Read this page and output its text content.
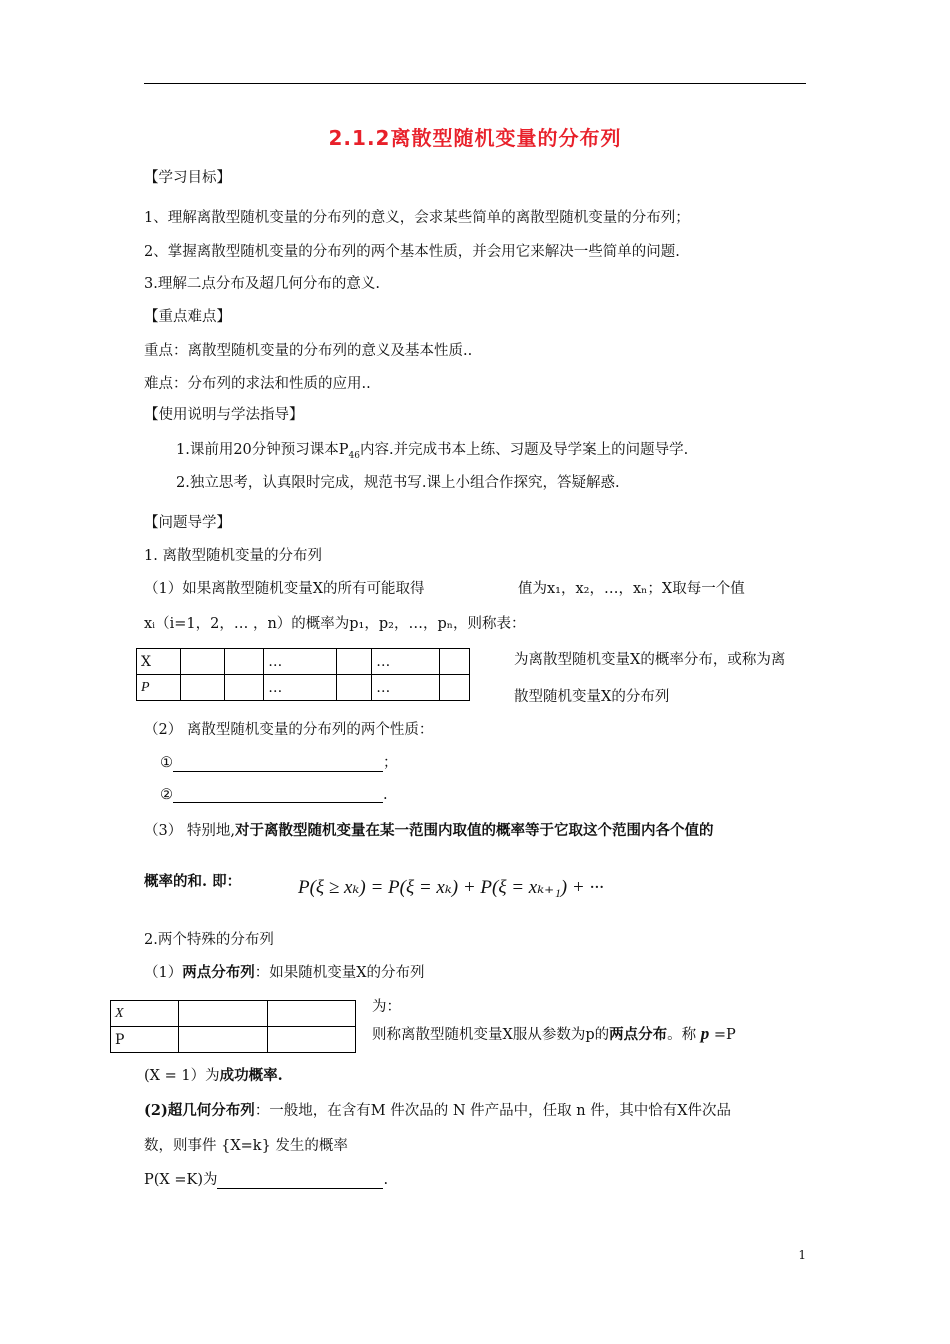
2.1.2离散型随机变量的分布列
【学习目标】
1、理解离散型随机变量的分布列的意义，会求某些简单的离散型随机变量的分布列；
2、掌握离散型随机变量的分布列的两个基本性质，并会用它来解决一些简单的问题.
3.理解二点分布及超几何分布的意义.
【重点难点】
重点：离散型随机变量的分布列的意义及基本性质..
难点：分布列的求法和性质的应用..
【使用说明与学法指导】
1.课前用20分钟预习课本$P_{46}$内容.并完成书本上练、习题及导学案上的问题导学.
2.独立思考，认真限时完成，规范书写.课上小组合作探究，答疑解惑.
【问题导学】
1. 离散型随机变量的分布列
（1）如果离散型随机变量X的所有可能取得	值为x₁，x₂，…，xₙ；X取每一个值
xᵢ（i=1，2，… ，n）的概率为p₁，p₂，…，pₙ，则称表：
X			…		…	
P			…		…	
为离散型随机变量X的概率分布，或称为离
散型随机变量X的分布列
（2） 离散型随机变量的分布列的两个性质：
①	；
②	.
（3） 特别地,对于离散型随机变量在某一范围内取值的概率等于它取这个范围内各个值的
概率的和. 即：	P(ξ ≥ xₖ) = P(ξ = xₖ) + P(ξ = xₖ₊₁) + ···
2.两个特殊的分布列
（1）两点分布列：如果随机变量X的分布列
X		
P		
为：
则称离散型随机变量X服从参数为p的两点分布。称 p =P
(X = 1）为成功概率.
(2)超几何分布列：一般地，在含有M 件次品的 N 件产品中，任取 n 件，其中恰有X件次品
数，则事件 {X=k} 发生的概率
P(X =K)为	.
1
